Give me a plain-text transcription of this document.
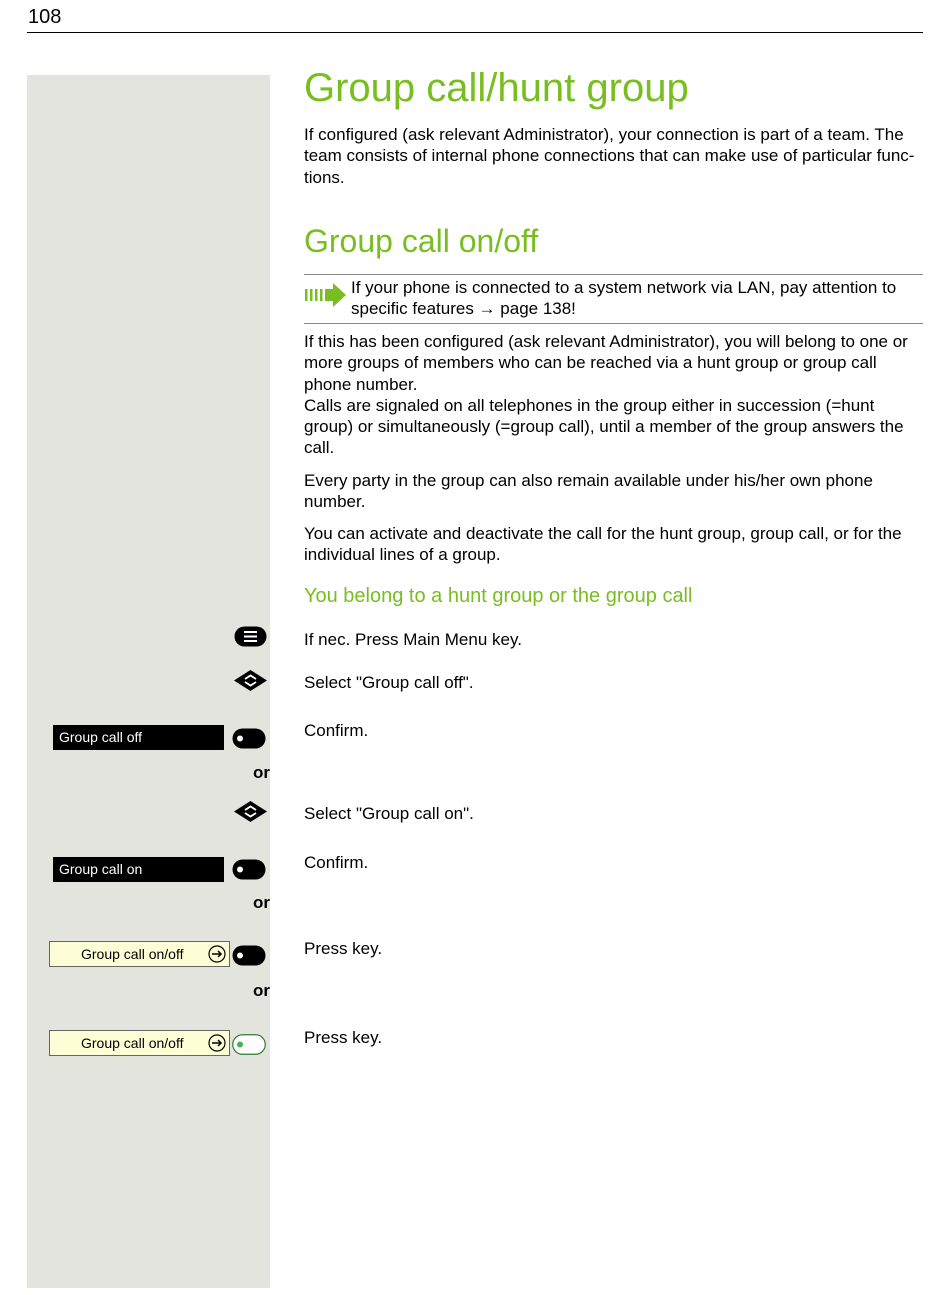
108
Group call/hunt group

If configured (ask relevant Administrator), your connection is part of a team. The team consists of internal phone connections that can make use of particular func-tions.

Group call on/off

If your phone is connected to a system network via LAN, pay attention to specific features → page 138!

If this has been configured (ask relevant Administrator), you will belong to one or more groups of members who can be reached via a hunt group or group call phone number.
Calls are signaled on all telephones in the group either in succession (=hunt group) or simultaneously (=group call), until a member of the group answers the call.

Every party in the group can also remain available under his/her own phone number.

You can activate and deactivate the call for the hunt group, group call, or for the individual lines of a group.

You belong to a hunt group or the group call
If nec. Press Main Menu key.
Select "Group call off".
Group call off	Confirm.
or
Select "Group call on".
Group call on	Confirm.
or
Group call on/off	Press key.
or
Group call on/off	Press key.
